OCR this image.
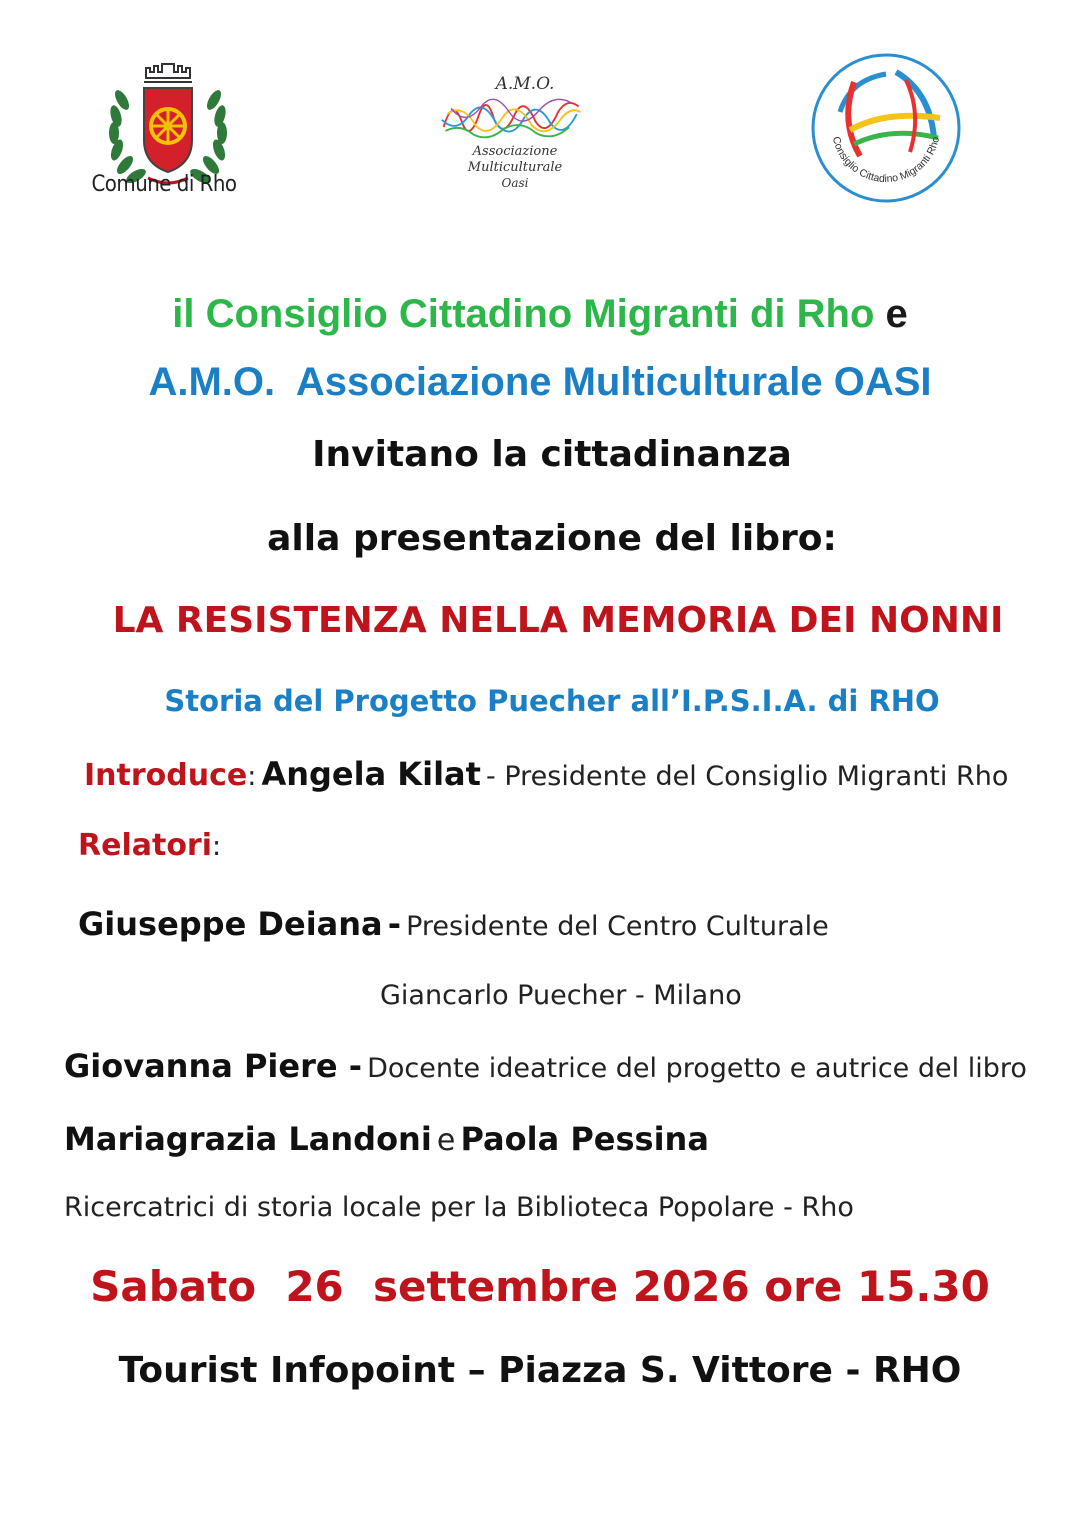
Comune di Rho
A.M.O.
Associazione
Multiculturale
Oasi
Consiglio Cittadino Migranti Rho
il Consiglio Cittadino Migranti di Rho e
A.M.O.  Associazione Multiculturale OASI
Invitano la cittadinanza
alla presentazione del libro:
LA RESISTENZA NELLA MEMORIA DEI NONNI
Storia del Progetto Puecher all’I.P.S.I.A. di RHO
Introduce: Angela Kilat - Presidente del Consiglio Migranti Rho
Relatori:
Giuseppe Deiana - Presidente del Centro Culturale
Giancarlo Puecher - Milano
Giovanna Piere - Docente ideatrice del progetto e autrice del libro
Mariagrazia Landoni e Paola Pessina
Ricercatrici di storia locale per la Biblioteca Popolare - Rho
Sabato  26  settembre 2026 ore 15.30
Tourist Infopoint – Piazza S. Vittore - RHO
